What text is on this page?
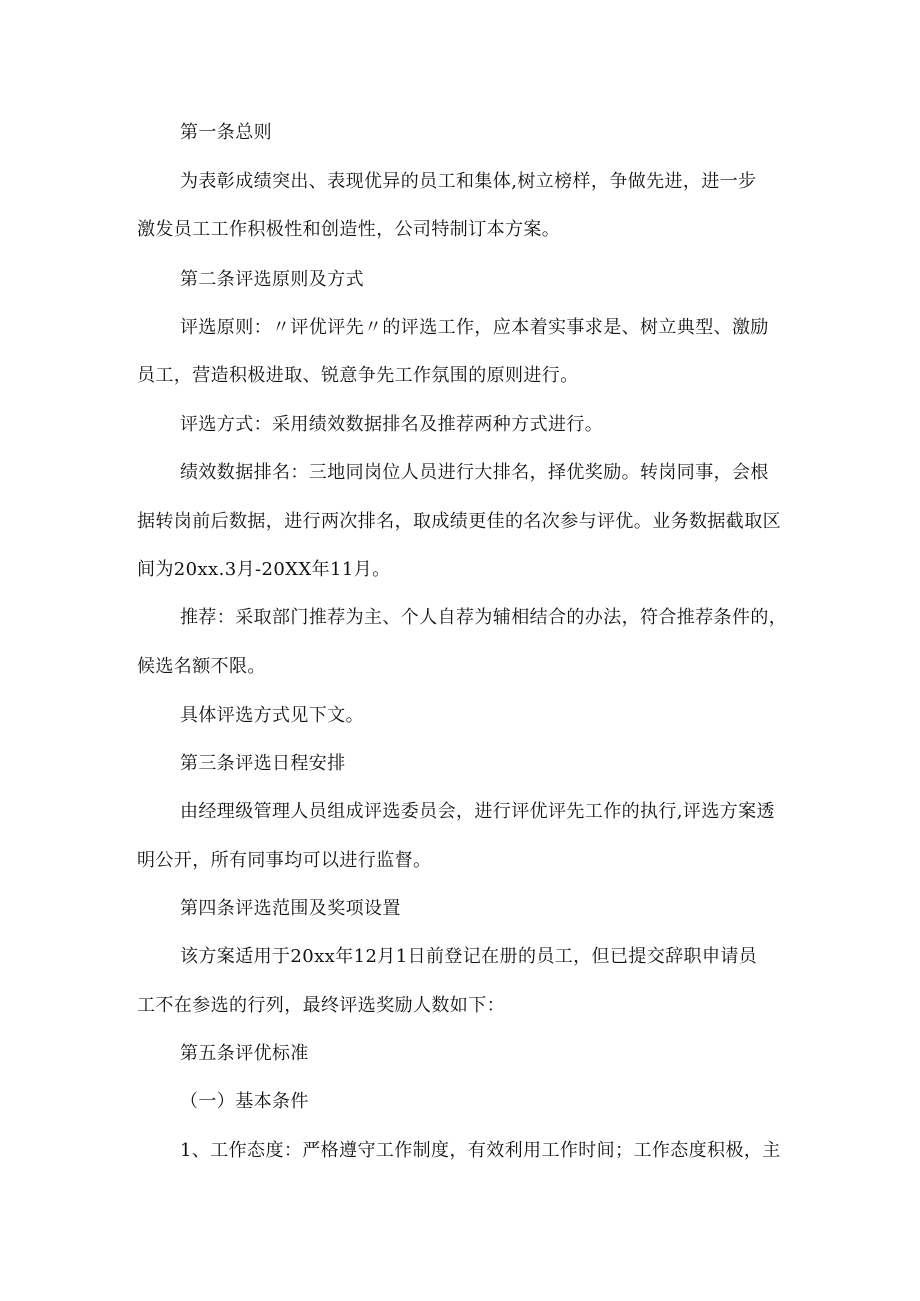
第一条总则
为表彰成绩突出、表现优异的员工和集体,树立榜样，争做先进，进一步
激发员工工作积极性和创造性，公司特制订本方案。
第二条评选原则及方式
评选原则：〃评优评先〃的评选工作，应本着实事求是、树立典型、激励
员工，营造积极进取、锐意争先工作氛围的原则进行。
评选方式：采用绩效数据排名及推荐两种方式进行。
绩效数据排名：三地同岗位人员进行大排名，择优奖励。转岗同事，会根
据转岗前后数据，进行两次排名，取成绩更佳的名次参与评优。业务数据截取区
间为20xx.3月-20XX年11月。
推荐：采取部门推荐为主、个人自荐为辅相结合的办法，符合推荐条件的，
候选名额不限。
具体评选方式见下文。
第三条评选日程安排
由经理级管理人员组成评选委员会，进行评优评先工作的执行,评选方案透
明公开，所有同事均可以进行监督。
第四条评选范围及奖项设置
该方案适用于20xx年12月1日前登记在册的员工，但已提交辞职申请员
工不在参选的行列，最终评选奖励人数如下：
第五条评优标准
（一）基本条件
1、工作态度：严格遵守工作制度，有效利用工作时间；工作态度积极，主
